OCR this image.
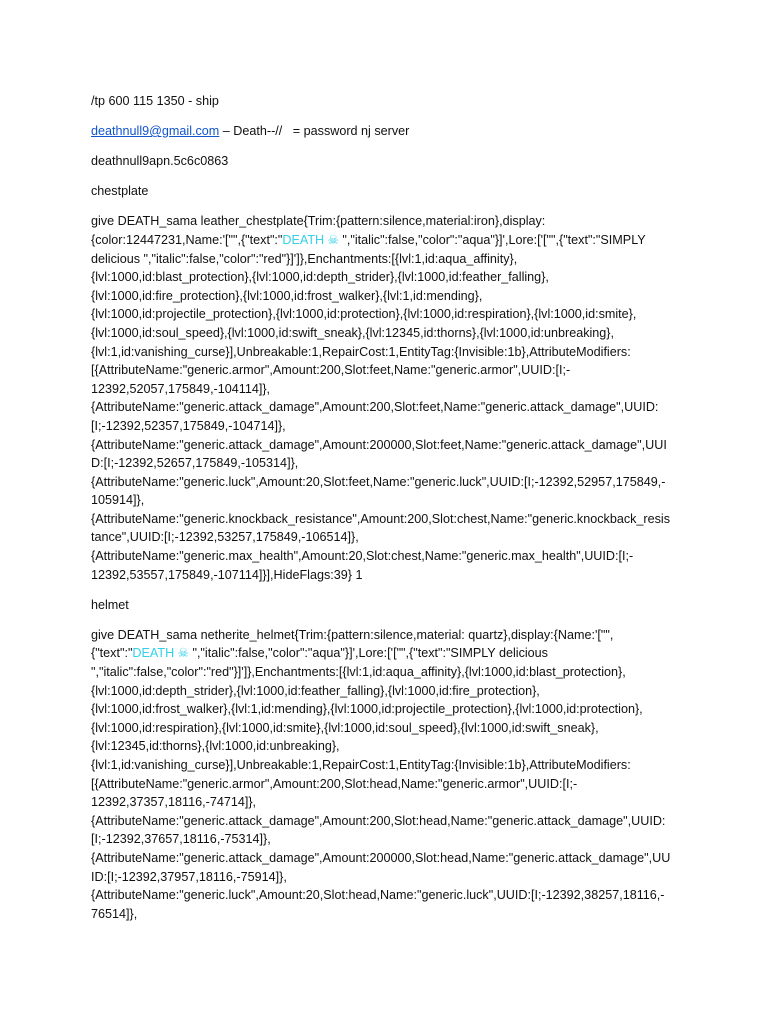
/tp 600 115 1350 - ship

deathnull9@gmail.com – Death--//   = password nj server

deathnull9apn.5c6c0863

chestplate

give DEATH_sama leather_chestplate{Trim:{pattern:silence,material:iron},display:
{color:12447231,Name:'["",{"text":"DEATH ☠ ","italic":false,"color":"aqua"}]',Lore:['["",{"text":"SIMPLY
delicious ","italic":false,"color":"red"}]']},Enchantments:[{lvl:1,id:aqua_affinity},
{lvl:1000,id:blast_protection},{lvl:1000,id:depth_strider},{lvl:1000,id:feather_falling},
{lvl:1000,id:fire_protection},{lvl:1000,id:frost_walker},{lvl:1,id:mending},
{lvl:1000,id:projectile_protection},{lvl:1000,id:protection},{lvl:1000,id:respiration},{lvl:1000,id:smite},
{lvl:1000,id:soul_speed},{lvl:1000,id:swift_sneak},{lvl:12345,id:thorns},{lvl:1000,id:unbreaking},
{lvl:1,id:vanishing_curse}],Unbreakable:1,RepairCost:1,EntityTag:{Invisible:1b},AttributeModifiers:
[{AttributeName:"generic.armor",Amount:200,Slot:feet,Name:"generic.armor",UUID:[I;-
12392,52057,175849,-104114]},
{AttributeName:"generic.attack_damage",Amount:200,Slot:feet,Name:"generic.attack_damage",UUID:
[I;-12392,52357,175849,-104714]},
{AttributeName:"generic.attack_damage",Amount:200000,Slot:feet,Name:"generic.attack_damage",UUI
D:[I;-12392,52657,175849,-105314]},
{AttributeName:"generic.luck",Amount:20,Slot:feet,Name:"generic.luck",UUID:[I;-12392,52957,175849,-
105914]},
{AttributeName:"generic.knockback_resistance",Amount:200,Slot:chest,Name:"generic.knockback_resis
tance",UUID:[I;-12392,53257,175849,-106514]},
{AttributeName:"generic.max_health",Amount:20,Slot:chest,Name:"generic.max_health",UUID:[I;-
12392,53557,175849,-107114]}],HideFlags:39} 1

helmet

give DEATH_sama netherite_helmet{Trim:{pattern:silence,material: quartz},display:{Name:'["",
{"text":"DEATH ☠ ","italic":false,"color":"aqua"}]',Lore:['["",{"text":"SIMPLY delicious
","italic":false,"color":"red"}]']},Enchantments:[{lvl:1,id:aqua_affinity},{lvl:1000,id:blast_protection},
{lvl:1000,id:depth_strider},{lvl:1000,id:feather_falling},{lvl:1000,id:fire_protection},
{lvl:1000,id:frost_walker},{lvl:1,id:mending},{lvl:1000,id:projectile_protection},{lvl:1000,id:protection},
{lvl:1000,id:respiration},{lvl:1000,id:smite},{lvl:1000,id:soul_speed},{lvl:1000,id:swift_sneak},
{lvl:12345,id:thorns},{lvl:1000,id:unbreaking},
{lvl:1,id:vanishing_curse}],Unbreakable:1,RepairCost:1,EntityTag:{Invisible:1b},AttributeModifiers:
[{AttributeName:"generic.armor",Amount:200,Slot:head,Name:"generic.armor",UUID:[I;-
12392,37357,18116,-74714]},
{AttributeName:"generic.attack_damage",Amount:200,Slot:head,Name:"generic.attack_damage",UUID:
[I;-12392,37657,18116,-75314]},
{AttributeName:"generic.attack_damage",Amount:200000,Slot:head,Name:"generic.attack_damage",UU
ID:[I;-12392,37957,18116,-75914]},
{AttributeName:"generic.luck",Amount:20,Slot:head,Name:"generic.luck",UUID:[I;-12392,38257,18116,-
76514]},
